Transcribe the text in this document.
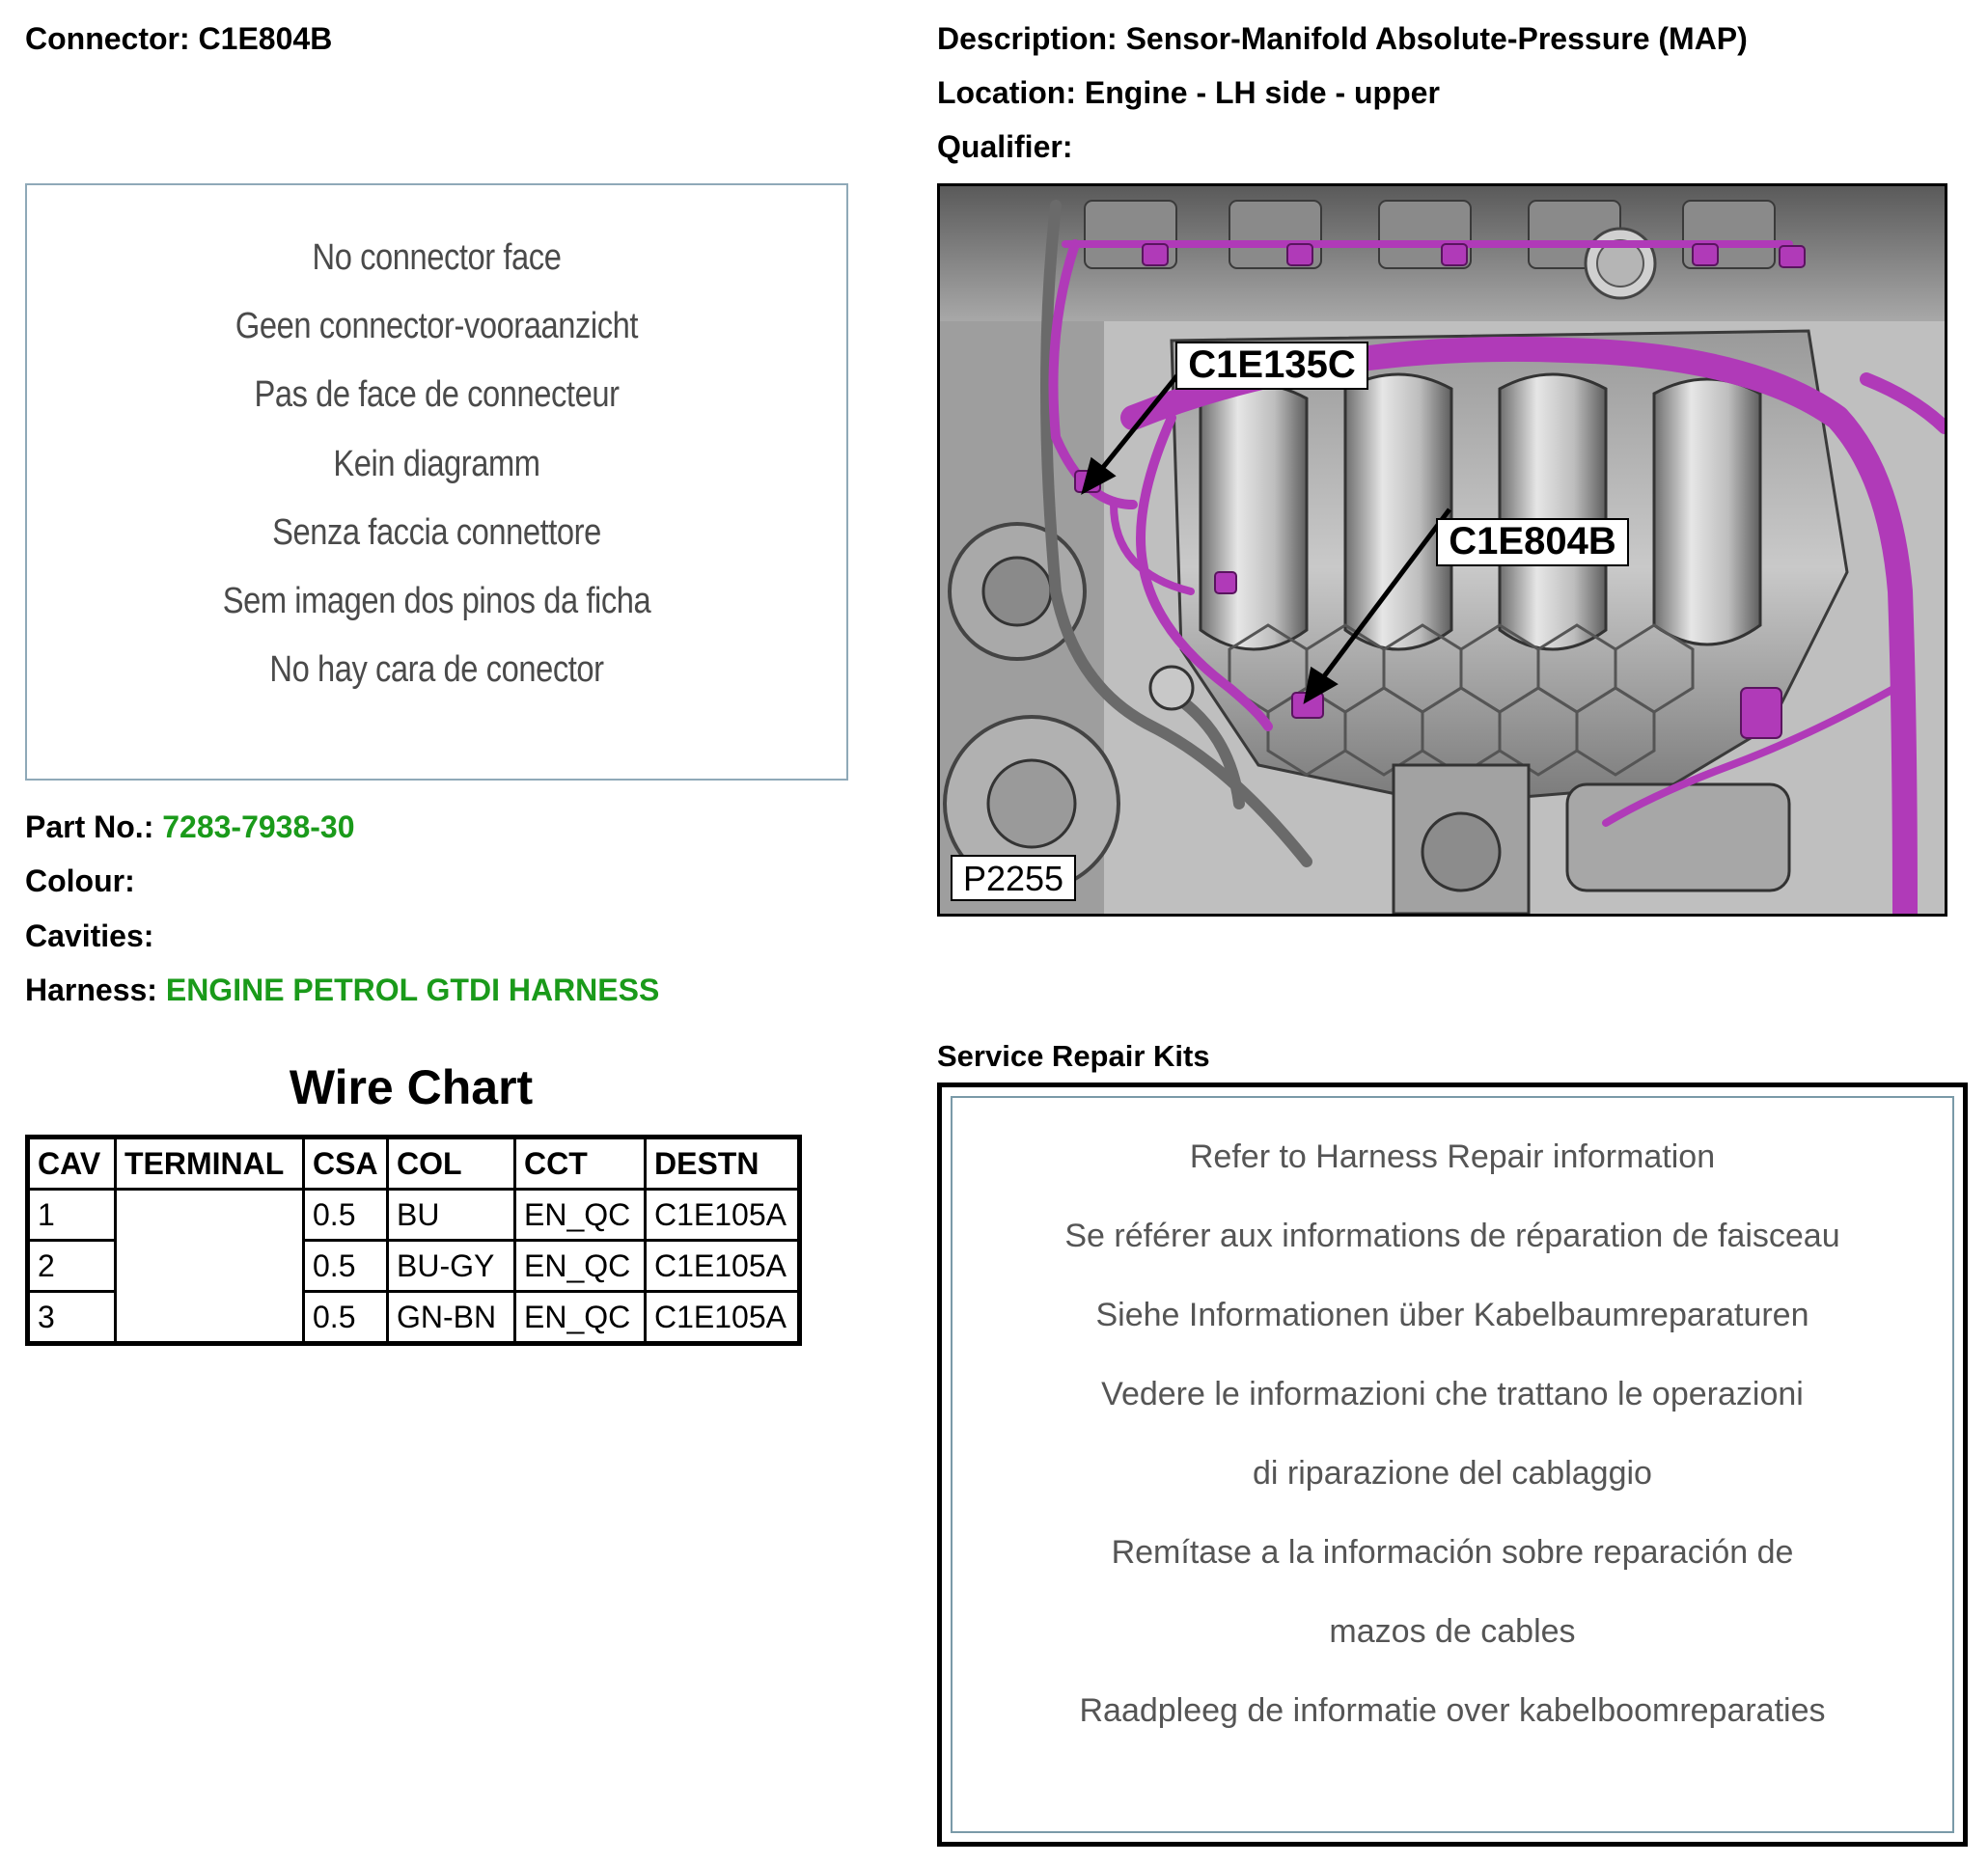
Connector: C1E804B	Description: Sensor-Manifold Absolute-Pressure (MAP)
Location: Engine - LH side - upper
Qualifier:
No connector face
Geen connector-vooraanzicht
Pas de face de connecteur
Kein diagramm
Senza faccia connettore
Sem imagen dos pinos da ficha
No hay cara de conector
Part No.: 7283-7938-30
Colour:
Cavities:
Harness: ENGINE PETROL GTDI HARNESS
Wire Chart
CAV	TERMINAL	CSA	COL	CCT	DESTN
1		0.5	BU	EN_QC	C1E105A
2		0.5	BU-GY	EN_QC	C1E105A
3		0.5	GN-BN	EN_QC	C1E105A
C1E135C
C1E804B
P2255
Service Repair Kits
Refer to Harness Repair information
Se référer aux informations de réparation de faisceau
Siehe Informationen über Kabelbaumreparaturen
Vedere le informazioni che trattano le operazioni
di riparazione del cablaggio
Remítase a la información sobre reparación de
mazos de cables
Raadpleeg de informatie over kabelboomreparaties
